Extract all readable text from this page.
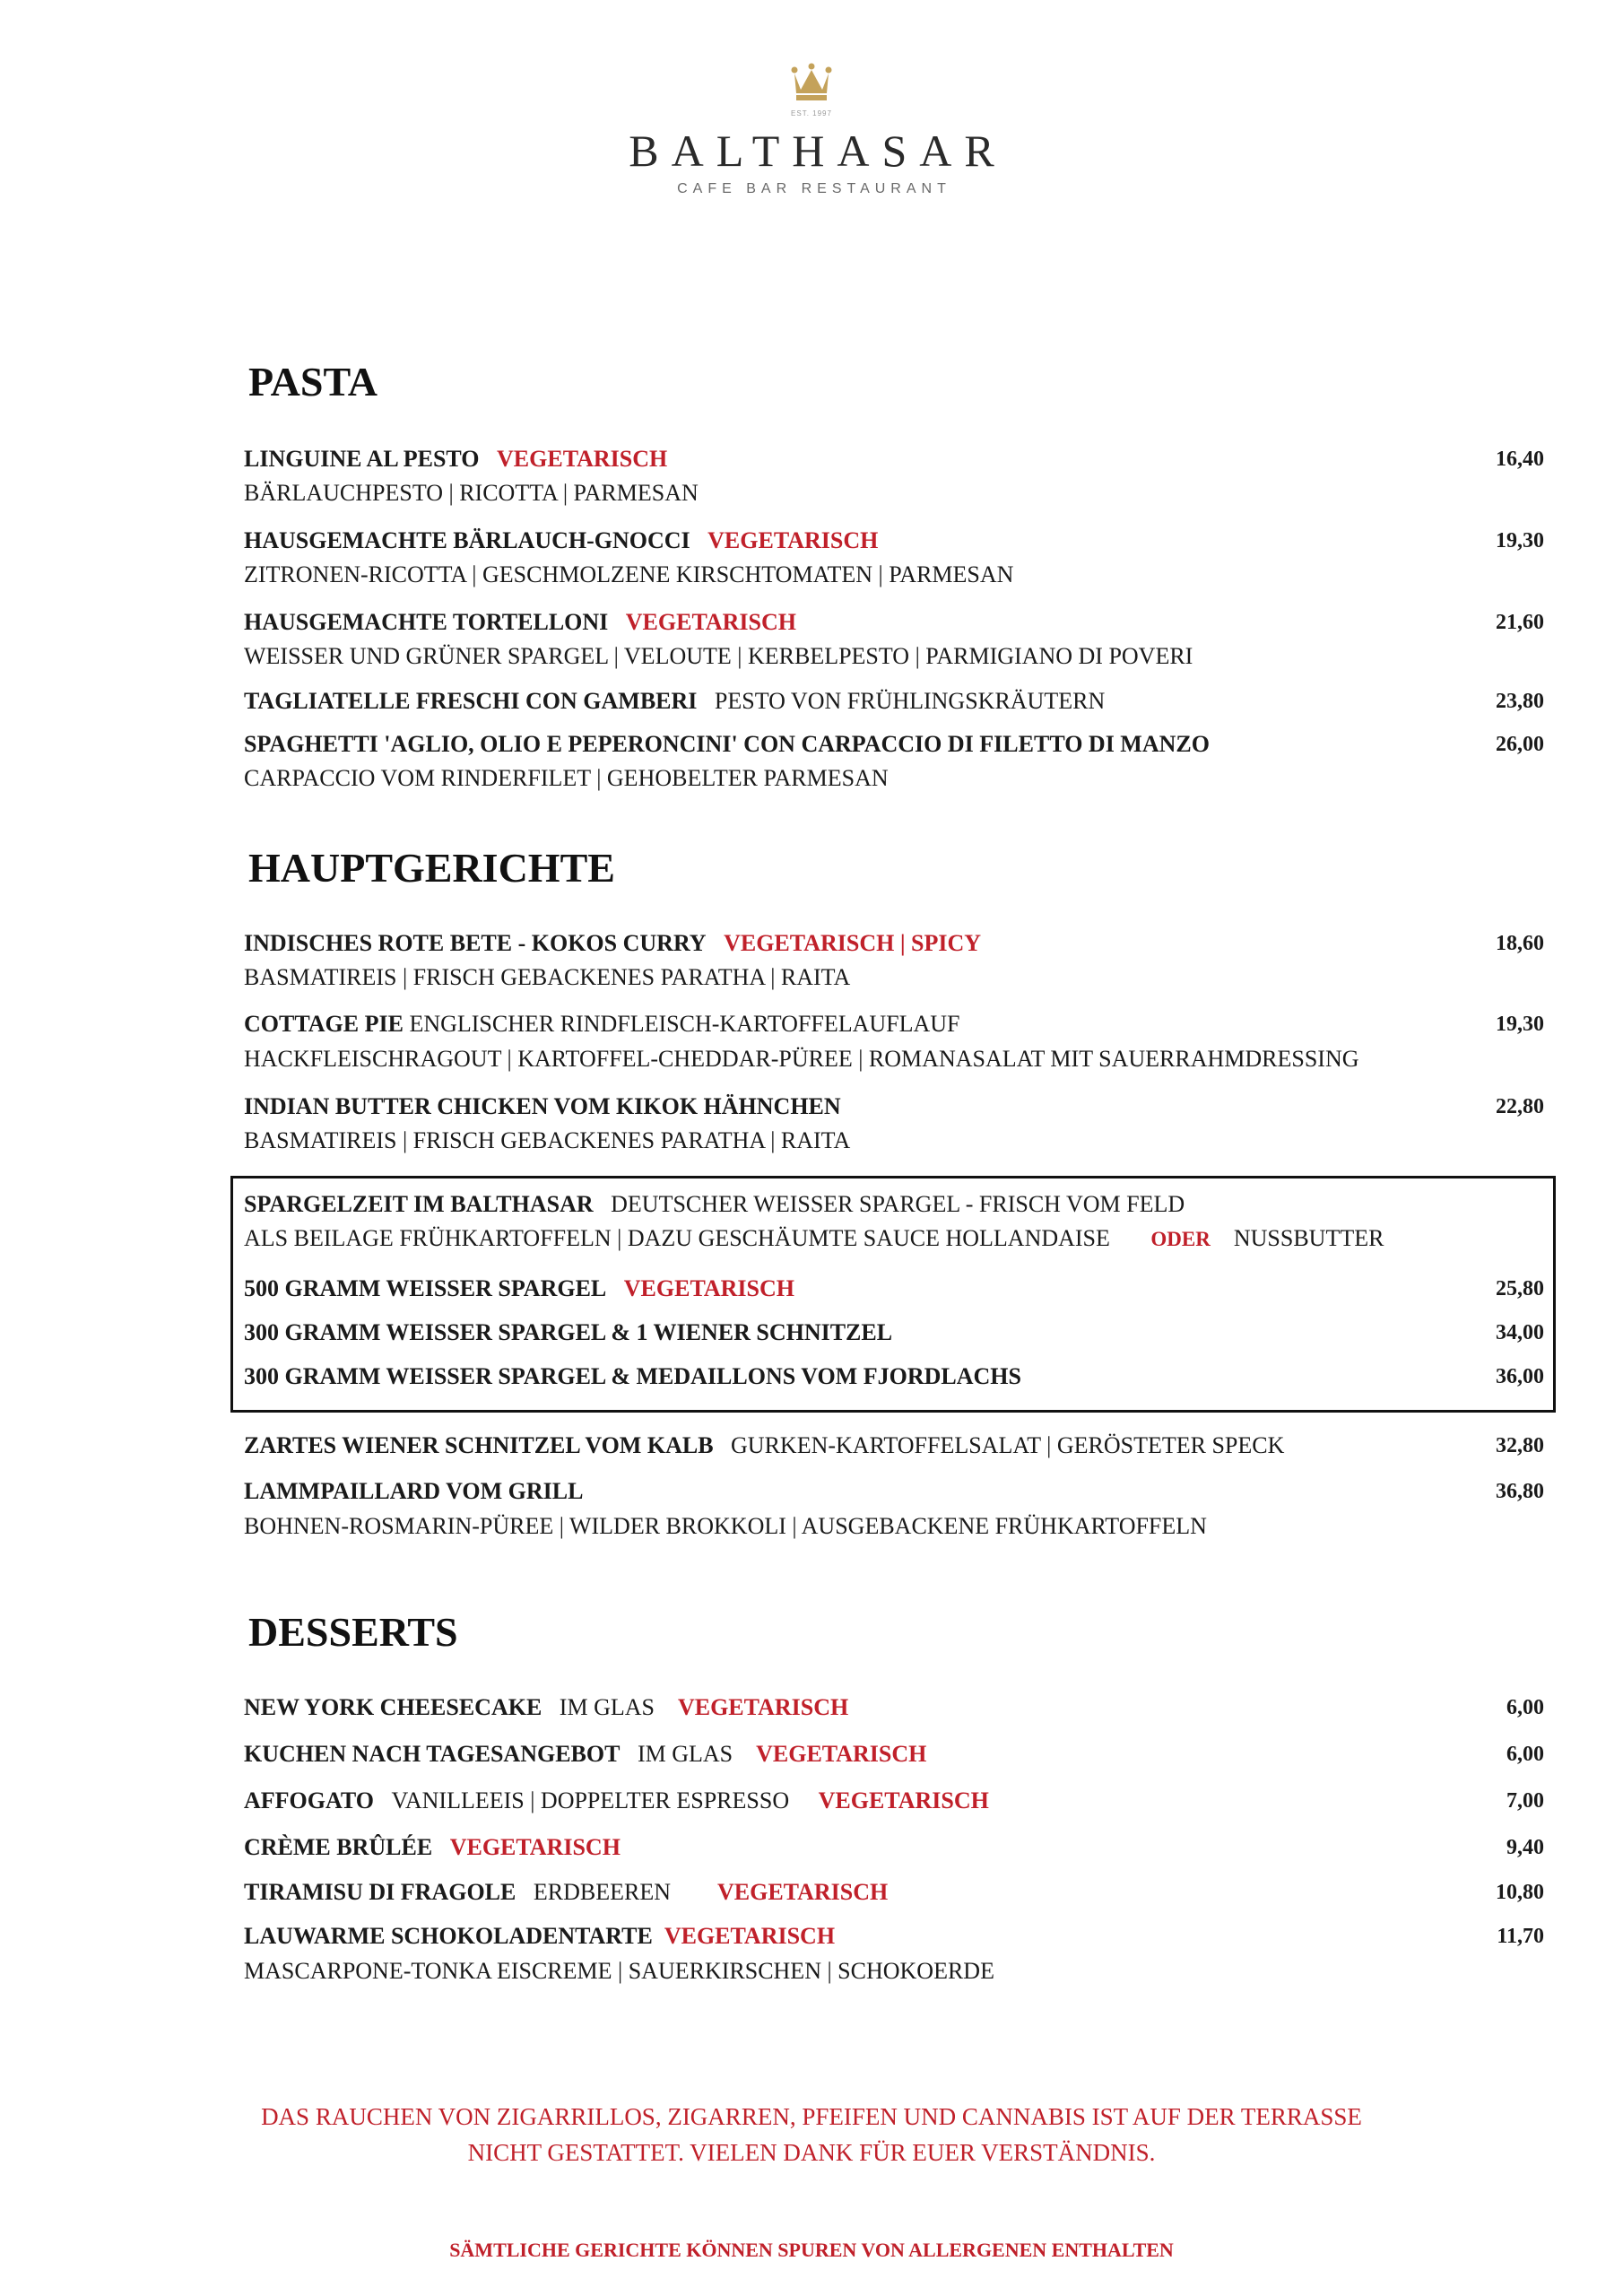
EST. 1997
BALTHASAR
CAFE BAR RESTAURANT
PASTA
LINGUINE AL PESTO VEGETARISCH	16,40
BÄRLAUCHPESTO | RICOTTA | PARMESAN
HAUSGEMACHTE BÄRLAUCH-GNOCCI VEGETARISCH	19,30
ZITRONEN-RICOTTA | GESCHMOLZENE KIRSCHTOMATEN | PARMESAN
HAUSGEMACHTE TORTELLONI VEGETARISCH	21,60
WEISSER UND GRÜNER SPARGEL | VELOUTE | KERBELPESTO | PARMIGIANO DI POVERI
TAGLIATELLE FRESCHI CON GAMBERI PESTO VON FRÜHLINGSKRÄUTERN	23,80
SPAGHETTI 'AGLIO, OLIO E PEPERONCINI' CON CARPACCIO DI FILETTO DI MANZO	26,00
CARPACCIO VOM RINDERFILET | GEHOBELTER PARMESAN
HAUPTGERICHTE
INDISCHES ROTE BETE - KOKOS CURRY VEGETARISCH | SPICY	18,60
BASMATIREIS | FRISCH GEBACKENES PARATHA | RAITA
COTTAGE PIE ENGLISCHER RINDFLEISCH-KARTOFFELAUFLAUF	19,30
HACKFLEISCHRAGOUT | KARTOFFEL-CHEDDAR-PÜREE | ROMANASALAT MIT SAUERRAHMDRESSING
INDIAN BUTTER CHICKEN VOM KIKOK HÄHNCHEN	22,80
BASMATIREIS | FRISCH GEBACKENES PARATHA | RAITA
SPARGELZEIT IM BALTHASAR DEUTSCHER WEISSER SPARGEL - FRISCH VOM FELD
ALS BEILAGE FRÜHKARTOFFELN | DAZU GESCHÄUMTE SAUCE HOLLANDAISE ODER NUSSBUTTER
500 GRAMM WEISSER SPARGEL VEGETARISCH	25,80
300 GRAMM WEISSER SPARGEL & 1 WIENER SCHNITZEL	34,00
300 GRAMM WEISSER SPARGEL & MEDAILLONS VOM FJORDLACHS	36,00
ZARTES WIENER SCHNITZEL VOM KALB GURKEN-KARTOFFELSALAT | GERÖSTETER SPECK	32,80
LAMMPAILLARD VOM GRILL	36,80
BOHNEN-ROSMARIN-PÜREE | WILDER BROKKOLI | AUSGEBACKENE FRÜHKARTOFFELN
DESSERTS
NEW YORK CHEESECAKE IM GLAS VEGETARISCH	6,00
KUCHEN NACH TAGESANGEBOT IM GLAS VEGETARISCH	6,00
AFFOGATO VANILLEEIS | DOPPELTER ESPRESSO VEGETARISCH	7,00
CRÈME BRÛLÉE VEGETARISCH	9,40
TIRAMISU DI FRAGOLE ERDBEEREN VEGETARISCH	10,80
LAUWARME SCHOKOLADENTARTE VEGETARISCH	11,70
MASCARPONE-TONKA EISCREME | SAUERKIRSCHEN | SCHOKOERDE
DAS RAUCHEN VON ZIGARRILLOS, ZIGARREN, PFEIFEN UND CANNABIS IST AUF DER TERRASSE
NICHT GESTATTET. VIELEN DANK FÜR EUER VERSTÄNDNIS.
SÄMTLICHE GERICHTE KÖNNEN SPUREN VON ALLERGENEN ENTHALTEN
